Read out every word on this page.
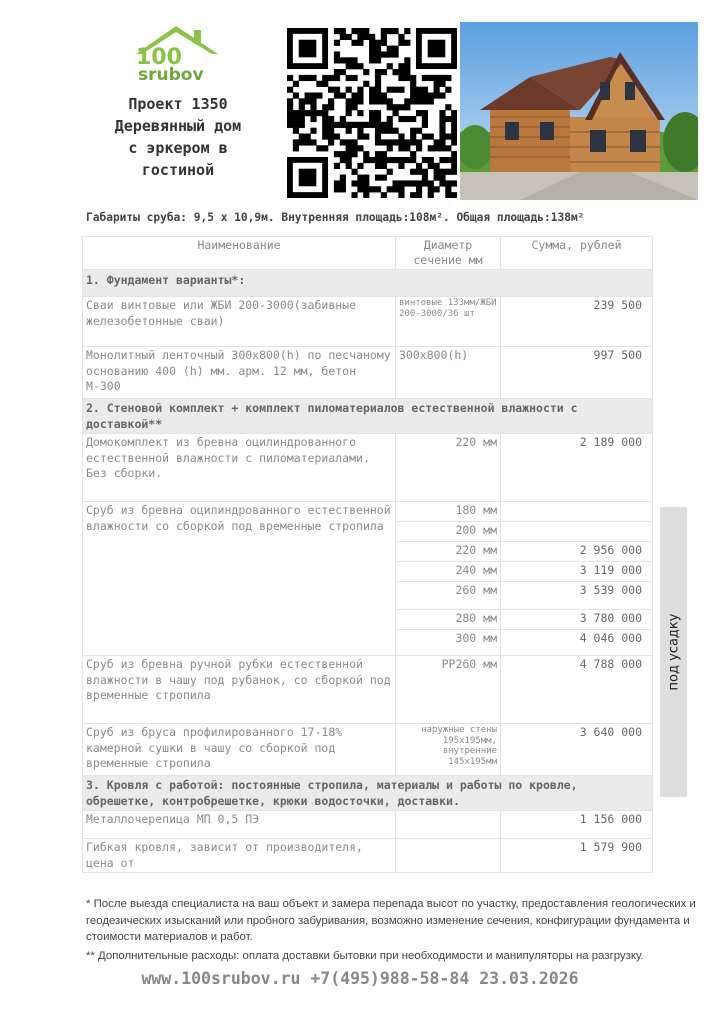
100
srubov
Проект 1350
Деревянный дом
с эркером в
гостиной
Габариты сруба: 9,5 х 10,9м. Внутренняя площадь:108м². Общая площадь:138м²
Наименование	Диаметр сечение мм	Сумма, рублей
1. Фундамент варианты*:		
Сваи винтовые или ЖБИ 200-3000(забивные железобетонные сваи)	винтовые 133мм/ЖБИ 200-3000/36 шт	239 500
Монолитный ленточный 300х800(h) по песчаному основанию 400 (h) мм. арм. 12 мм, бетон М-300	300х800(h)	997 500
2. Стеновой комплект + комплект пиломатериалов естественной влажности с доставкой**		
Домокомплект из бревна оцилиндрованного естественной влажности с пиломатериалами. Без сборки.	220 мм	2 189 000
Сруб из бревна оцилиндрованного естественной влажности со сборкой под временные стропила	180 мм	
	200 мм	
	220 мм	2 956 000
	240 мм	3 119 000
	260 мм	3 539 000
	280 мм	3 780 000
	300 мм	4 046 000
Сруб из бревна ручной рубки естественной влажности в чашу под рубанок, со сборкой под временные стропила	РР260 мм	4 788 000
Сруб из бруса профилированного 17-18% камерной сушки в чашу со сборкой под временные стропила	наружные стены 195х195мм, внутренние 145х195мм	3 640 000
3. Кровля с работой: постоянные стропила, материалы и работы по кровле, обрешетке, контробрешетке, крюки водосточки, доставки.		
Металлочерепица МП 0,5 ПЭ		1 156 000
Гибкая кровля, зависит от производителя, цена от		1 579 900
под усадку
* После выезда специалиста на ваш объект и замера перепада высот по участку, предоставления геологических и геодезических изысканий или пробного забуривания, возможно изменение сечения, конфигурации фундамента и стоимости материалов и работ.
** Дополнительные расходы: оплата доставки бытовки при необходимости и манипуляторы на разгрузку.
www.100srubov.ru +7(495)988-58-84 23.03.2026
